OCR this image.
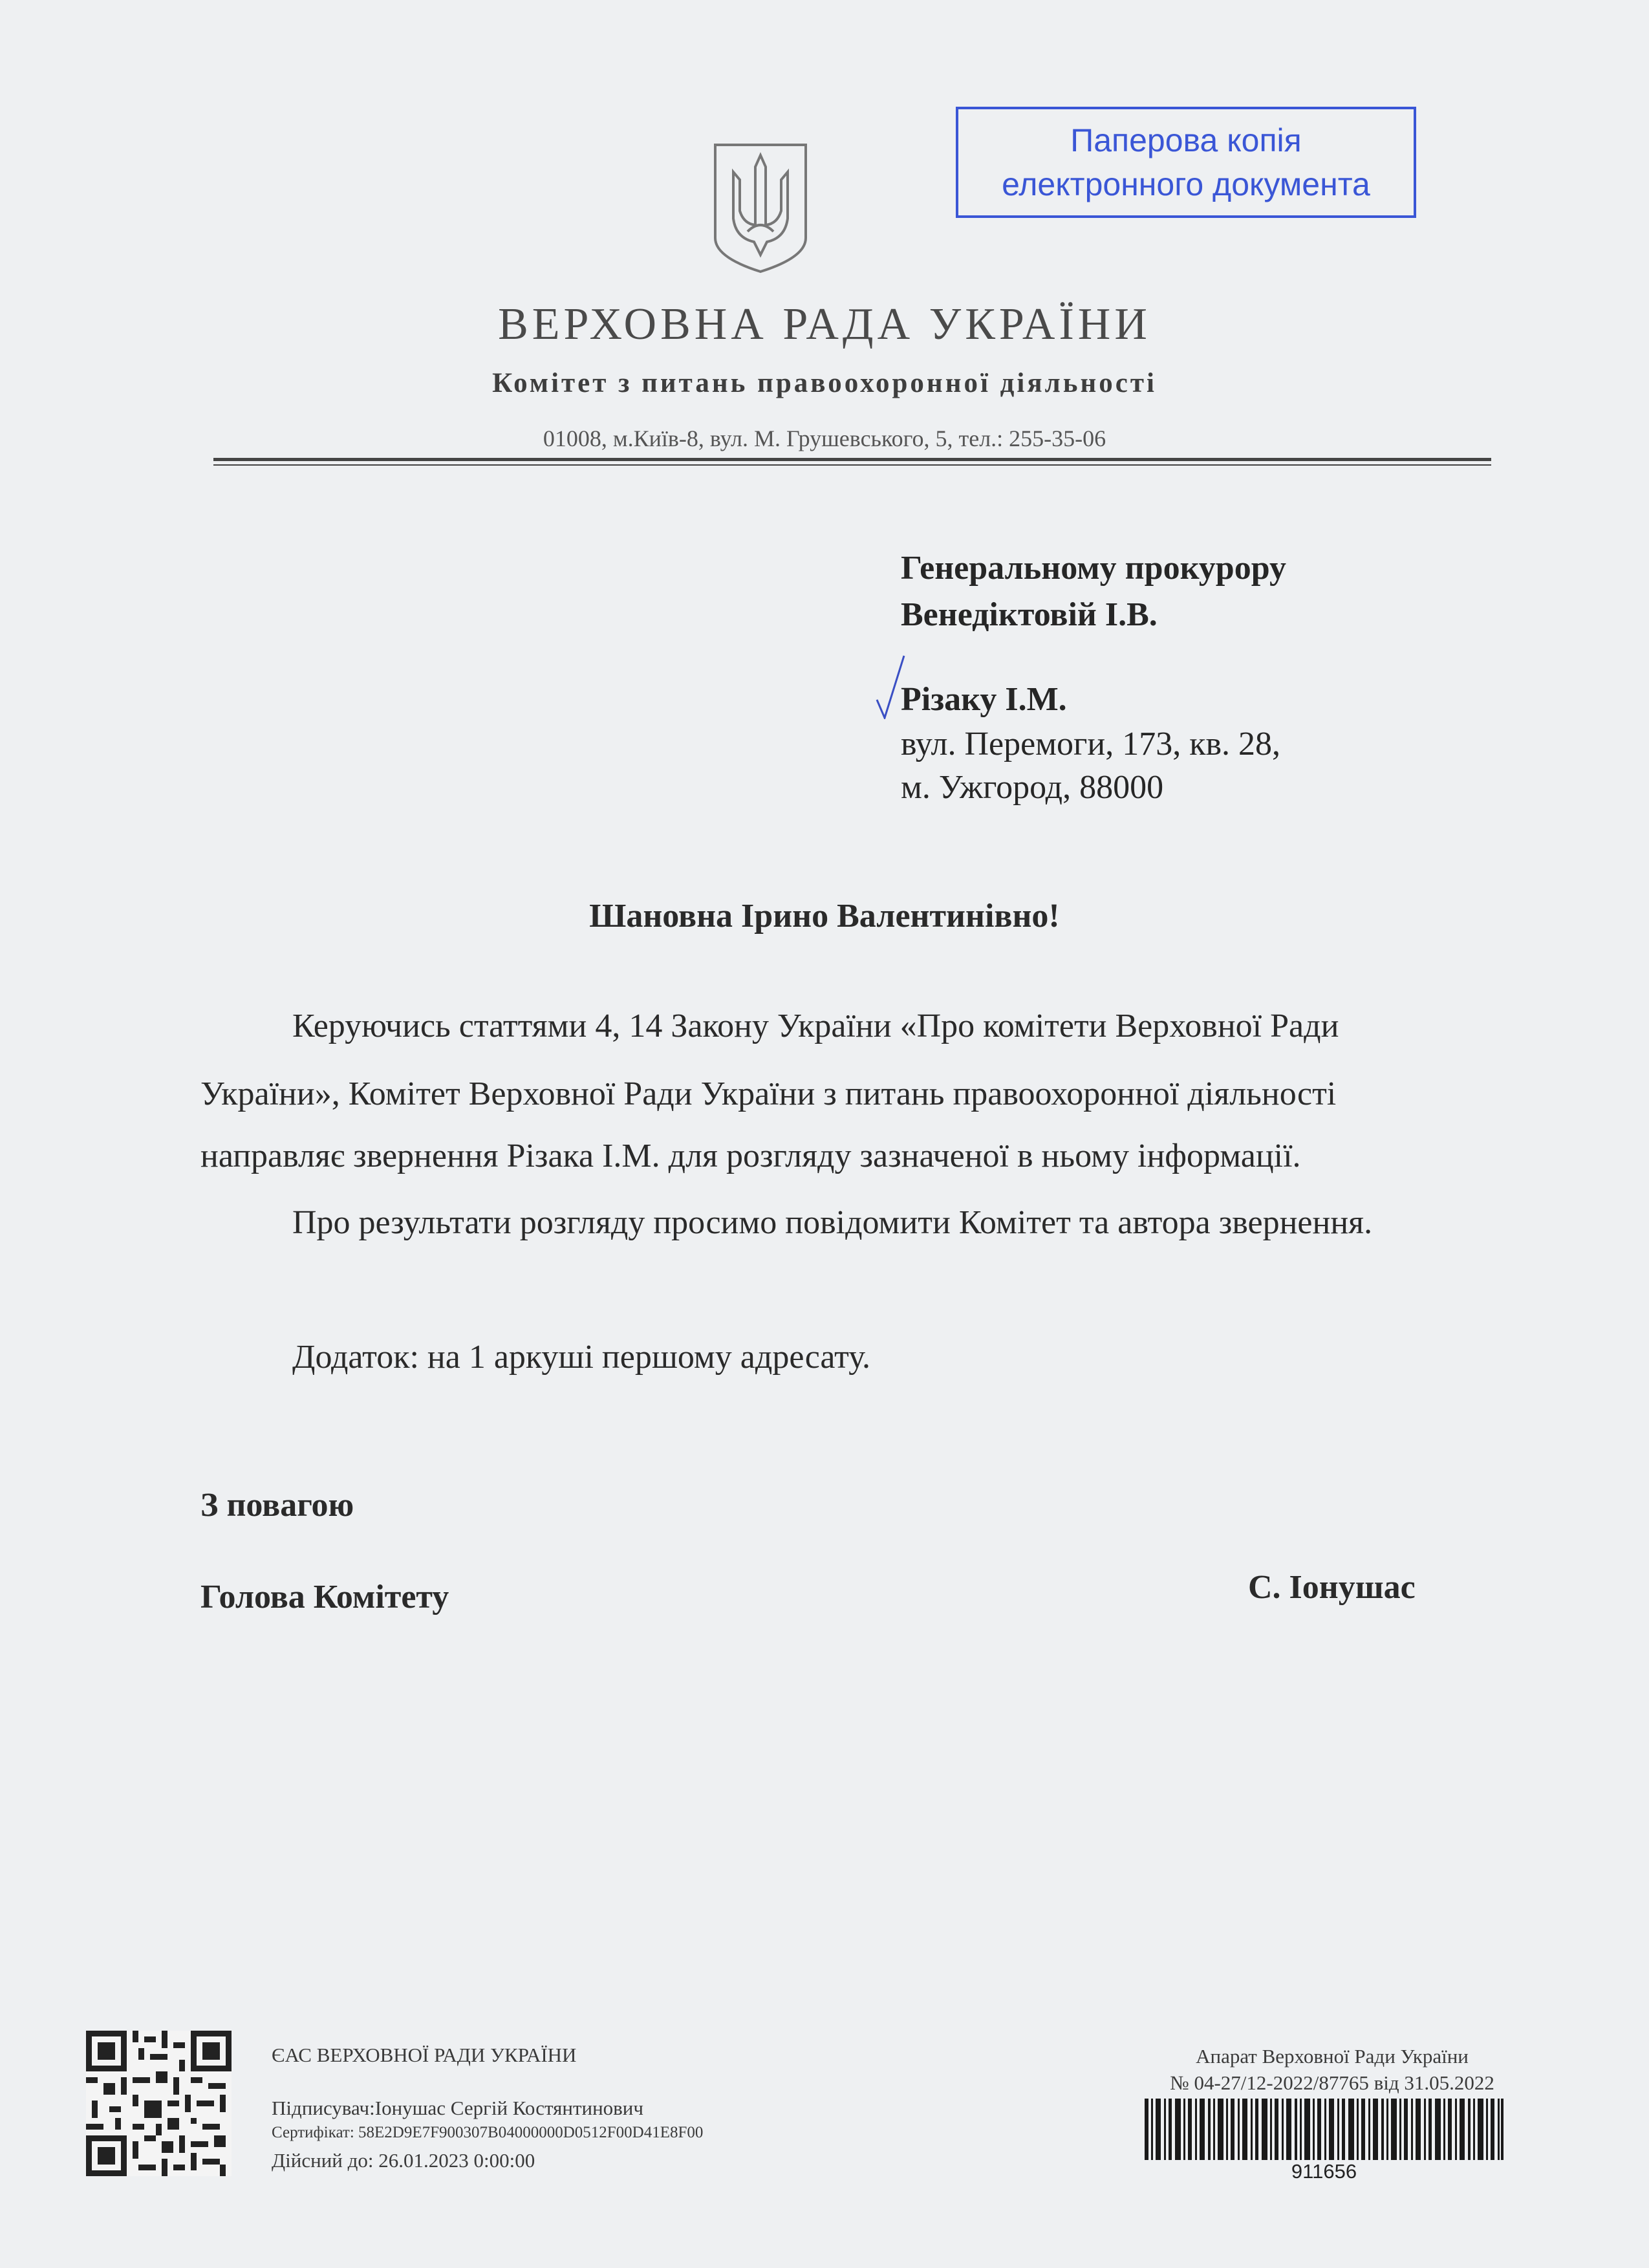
Паперова копія
електронного документа
ВЕРХОВНА РАДА УКРАЇНИ
Комітет з питань правоохоронної діяльності
01008, м.Київ-8, вул. М. Грушевського, 5, тел.: 255-35-06
Генеральному прокурору
Венедіктовій І.В.
Різаку І.М.
вул. Перемоги, 173, кв. 28,
м. Ужгород, 88000
Шановна Ірино Валентинівно!
Керуючись статтями 4, 14 Закону України «Про комітети Верховної Ради
України», Комітет Верховної Ради України з питань правоохоронної діяльності
направляє звернення Різака І.М. для розгляду зазначеної в ньому інформації.
Про результати розгляду просимо повідомити Комітет та автора звернення.
Додаток: на 1 аркуші першому адресату.
З повагою
Голова Комітету	С. Іонушас
ЄАС ВЕРХОВНОЇ РАДИ УКРАЇНИ
Підписувач:Іонушас Сергій Костянтинович
Сертифікат: 58E2D9E7F900307B04000000D0512F00D41E8F00
Дійсний до: 26.01.2023 0:00:00
Апарат Верховної Ради України
№ 04-27/12-2022/87765 від 31.05.2022
911656
